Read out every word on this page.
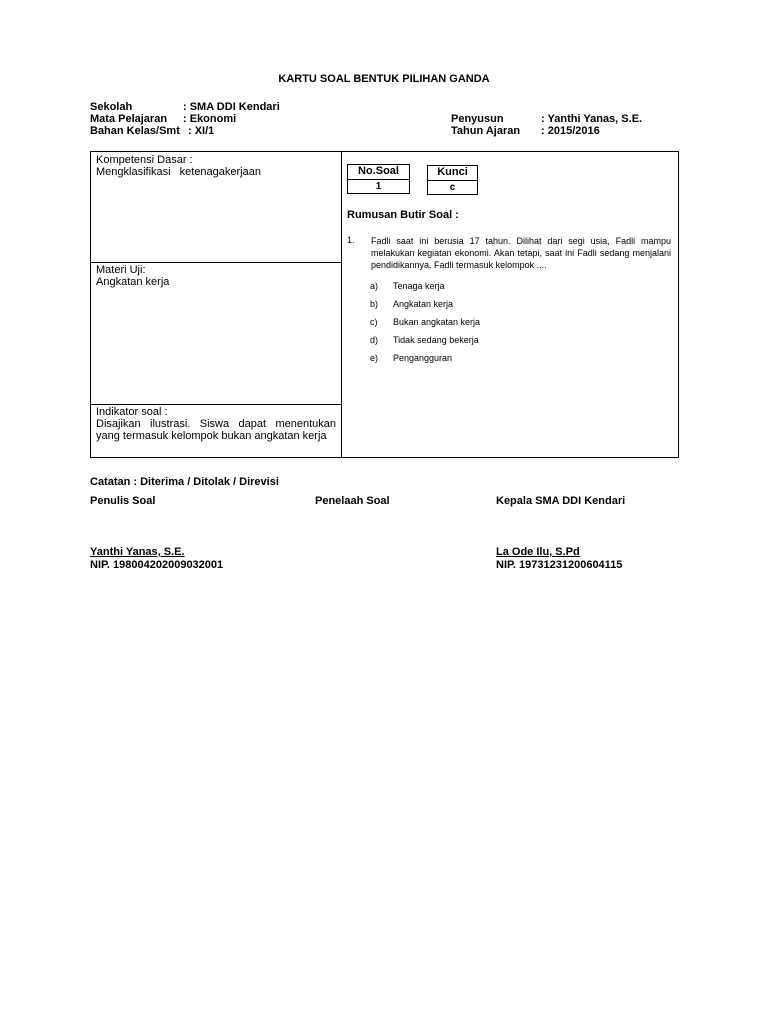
KARTU SOAL BENTUK PILIHAN GANDA
Sekolah	: SMA DDI Kendari
Mata Pelajaran : Ekonomi
Bahan Kelas/Smt : XI/1
Penyusun	: Yanthi Yanas, S.E.
Tahun Ajaran : 2015/2016
Kompetensi Dasar :
Mengklasifikasi ketenagakerjaan
Materi Uji:
Angkatan kerja
Indikator soal :
Disajikan ilustrasi. Siswa dapat menentukan yang termasuk kelompok bukan angkatan kerja
No.Soal
1
Kunci
c
Rumusan Butir Soal :
1. Fadli saat ini berusia 17 tahun. Dilihat dari segi usia, Fadli mampu melakukan kegiatan ekonomi. Akan tetapi, saat ini Fadli sedang menjalani pendidikannya. Fadli termasuk kelompok ....
a) Tenaga kerja
b) Angkatan kerja
c) Bukan angkatan kerja
d) Tidak sedang bekerja
e) Pengangguran
Catatan : Diterima / Ditolak / Direvisi
Penulis Soal	Penelaah Soal	Kepala SMA DDI Kendari
Yanthi Yanas, S.E.
NIP. 198004202009032001
La Ode Ilu, S.Pd
NIP. 19731231200604115
